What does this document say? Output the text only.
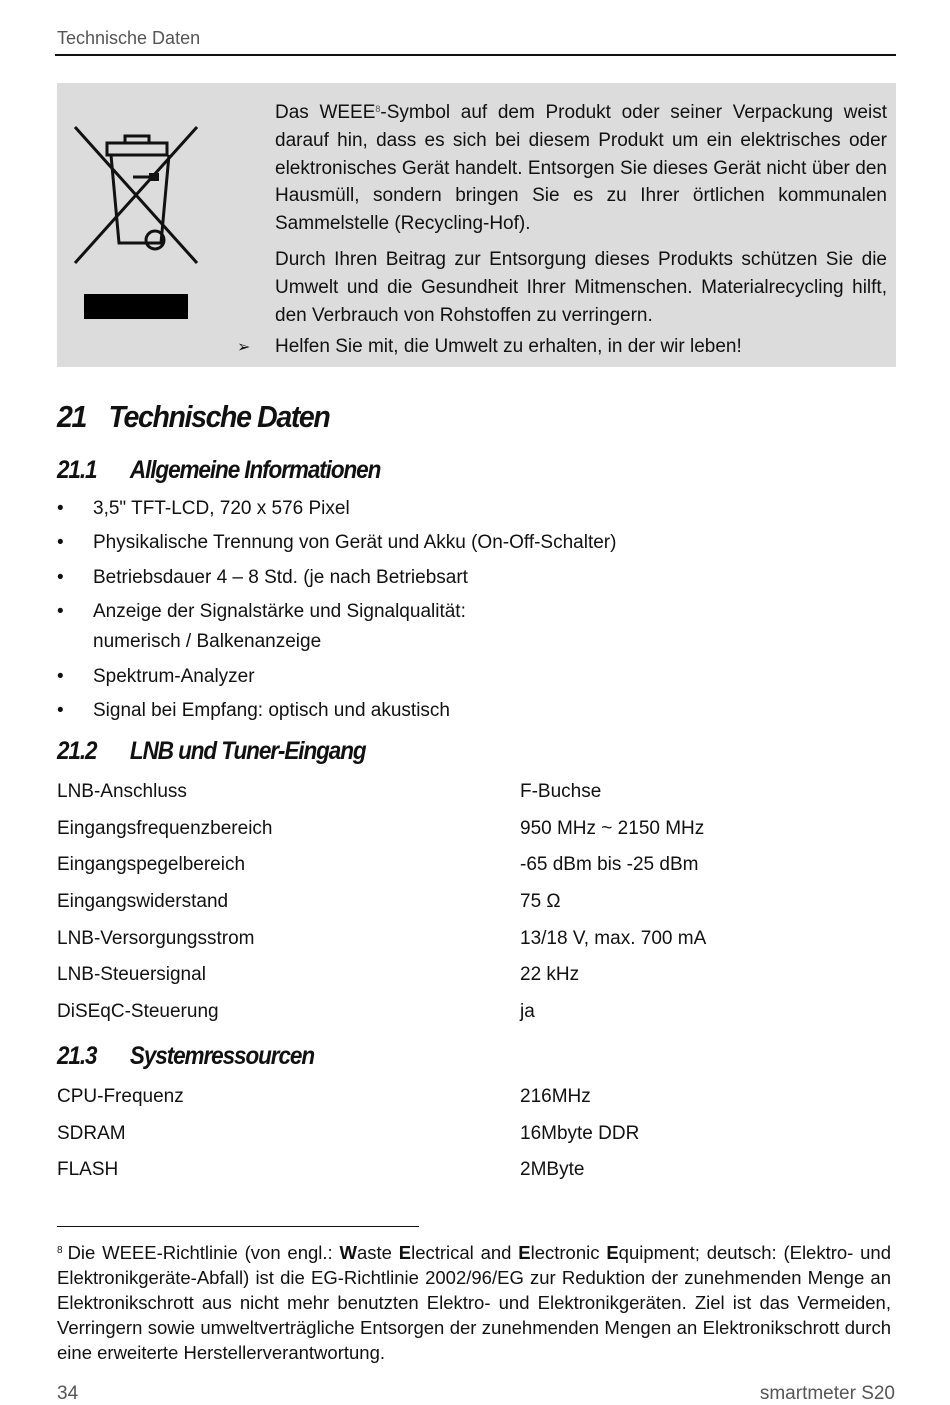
Technische Daten

Das WEEE$^8$-Symbol auf dem Produkt oder seiner Verpackung weist darauf hin, dass es sich bei diesem Produkt um ein elektrisches oder elektronisches Gerät handelt. Entsorgen Sie dieses Gerät nicht über den Hausmüll, sondern bringen Sie es zu Ihrer örtlichen kommunalen Sammelstelle (Recycling-Hof).

Durch Ihren Beitrag zur Entsorgung dieses Produkts schützen Sie die Umwelt und die Gesundheit Ihrer Mitmenschen. Materialrecycling hilft, den Verbrauch von Rohstoffen zu verringern.

➢ Helfen Sie mit, die Umwelt zu erhalten, in der wir leben!
21 Technische Daten
21.1 Allgemeine Informationen
• 3,5" TFT-LCD, 720 x 576 Pixel
• Physikalische Trennung von Gerät und Akku (On-Off-Schalter)
• Betriebsdauer 4 – 8 Std. (je nach Betriebsart
• Anzeige der Signalstärke und Signalqualität:
numerisch / Balkenanzeige
• Spektrum-Analyzer
• Signal bei Empfang: optisch und akustisch
21.2 LNB und Tuner-Eingang
LNB-Anschluss	F-Buchse
Eingangsfrequenzbereich	950 MHz ~ 2150 MHz
Eingangspegelbereich	-65 dBm bis -25 dBm
Eingangswiderstand	75 Ω
LNB-Versorgungsstrom	13/18 V, max. 700 mA
LNB-Steuersignal	22 kHz
DiSEqC-Steuerung	ja
21.3 Systemressourcen
CPU-Frequenz	216MHz
SDRAM	16Mbyte DDR
FLASH	2MByte
$^8$ Die WEEE-Richtlinie (von engl.: Waste Electrical and Electronic Equipment; deutsch: (Elektro- und Elektronikgeräte-Abfall) ist die EG-Richtlinie 2002/96/EG zur Reduktion der zunehmenden Menge an Elektronikschrott aus nicht mehr benutzten Elektro- und Elektronikgeräten. Ziel ist das Vermeiden, Verringern sowie umweltverträgliche Entsorgen der zunehmenden Mengen an Elektronikschrott durch eine erweiterte Herstellerverantwortung.
34	smartmeter S20
